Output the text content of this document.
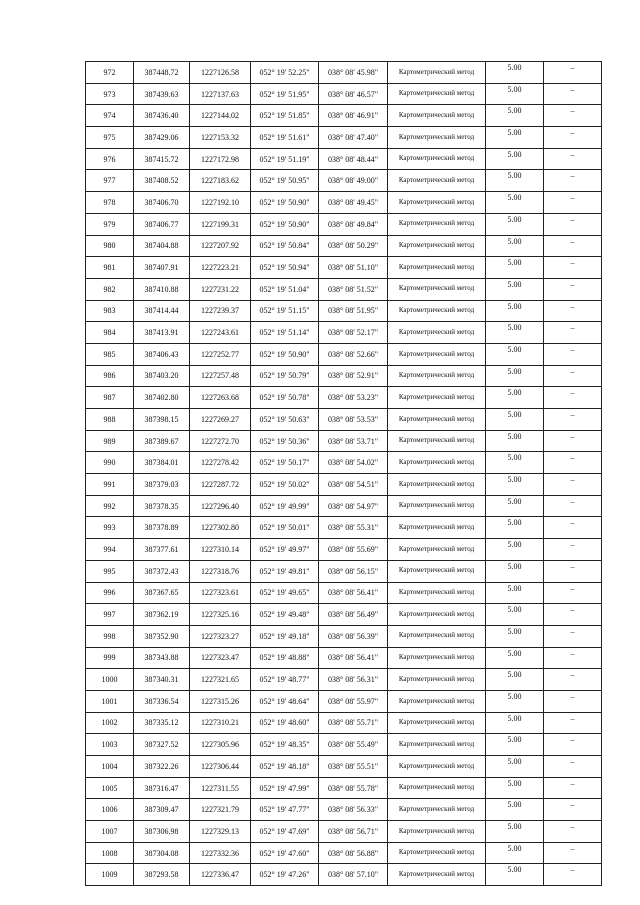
972	387448.72	1227126.58	052° 19' 52.25"	038° 08' 45.98"	Картометрический метод	5.00	–
973	387439.63	1227137.63	052° 19' 51.95"	038° 08' 46.57"	Картометрический метод	5.00	–
974	387436.40	1227144.02	052° 19' 51.85"	038° 08' 46.91"	Картометрический метод	5.00	–
975	387429.06	1227153.32	052° 19' 51.61"	038° 08' 47.40"	Картометрический метод	5.00	–
976	387415.72	1227172.98	052° 19' 51.19"	038° 08' 48.44"	Картометрический метод	5.00	–
977	387408.52	1227183.62	052° 19' 50.95"	038° 08' 49.00"	Картометрический метод	5.00	–
978	387406.70	1227192.10	052° 19' 50.90"	038° 08' 49.45"	Картометрический метод	5.00	–
979	387406.77	1227199.31	052° 19' 50.90"	038° 08' 49.84"	Картометрический метод	5.00	–
980	387404.88	1227207.92	052° 19' 50.84"	038° 08' 50.29"	Картометрический метод	5.00	–
981	387407.91	1227223.21	052° 19' 50.94"	038° 08' 51.10"	Картометрический метод	5.00	–
982	387410.88	1227231.22	052° 19' 51.04"	038° 08' 51.52"	Картометрический метод	5.00	–
983	387414.44	1227239.37	052° 19' 51.15"	038° 08' 51.95"	Картометрический метод	5.00	–
984	387413.91	1227243.61	052° 19' 51.14"	038° 08' 52.17"	Картометрический метод	5.00	–
985	387406.43	1227252.77	052° 19' 50.90"	038° 08' 52.66"	Картометрический метод	5.00	–
986	387403.20	1227257.48	052° 19' 50.79"	038° 08' 52.91"	Картометрический метод	5.00	–
987	387402.80	1227263.68	052° 19' 50.78"	038° 08' 53.23"	Картометрический метод	5.00	–
988	387398.15	1227269.27	052° 19' 50.63"	038° 08' 53.53"	Картометрический метод	5.00	–
989	387389.67	1227272.70	052° 19' 50.36"	038° 08' 53.71"	Картометрический метод	5.00	–
990	387384.01	1227278.42	052° 19' 50.17"	038° 08' 54.02"	Картометрический метод	5.00	–
991	387379.03	1227287.72	052° 19' 50.02"	038° 08' 54.51"	Картометрический метод	5.00	–
992	387378.35	1227296.40	052° 19' 49.99"	038° 08' 54.97"	Картометрический метод	5.00	–
993	387378.89	1227302.80	052° 19' 50.01"	038° 08' 55.31"	Картометрический метод	5.00	–
994	387377.61	1227310.14	052° 19' 49.97"	038° 08' 55.69"	Картометрический метод	5.00	–
995	387372.43	1227318.76	052° 19' 49.81"	038° 08' 56.15"	Картометрический метод	5.00	–
996	387367.65	1227323.61	052° 19' 49.65"	038° 08' 56.41"	Картометрический метод	5.00	–
997	387362.19	1227325.16	052° 19' 49.48"	038° 08' 56.49"	Картометрический метод	5.00	–
998	387352.90	1227323.27	052° 19' 49.18"	038° 08' 56.39"	Картометрический метод	5.00	–
999	387343.88	1227323.47	052° 19' 48.88"	038° 08' 56.41"	Картометрический метод	5.00	–
1000	387340.31	1227321.65	052° 19' 48.77"	038° 08' 56.31"	Картометрический метод	5.00	–
1001	387336.54	1227315.26	052° 19' 48.64"	038° 08' 55.97"	Картометрический метод	5.00	–
1002	387335.12	1227310.21	052° 19' 48.60"	038° 08' 55.71"	Картометрический метод	5.00	–
1003	387327.52	1227305.96	052° 19' 48.35"	038° 08' 55.49"	Картометрический метод	5.00	–
1004	387322.26	1227306.44	052° 19' 48.18"	038° 08' 55.51"	Картометрический метод	5.00	–
1005	387316.47	1227311.55	052° 19' 47.99"	038° 08' 55.78"	Картометрический метод	5.00	–
1006	387309.47	1227321.79	052° 19' 47.77"	038° 08' 56.33"	Картометрический метод	5.00	–
1007	387306.98	1227329.13	052° 19' 47.69"	038° 08' 56.71"	Картометрический метод	5.00	–
1008	387304.08	1227332.36	052° 19' 47.60"	038° 08' 56.88"	Картометрический метод	5.00	–
1009	387293.58	1227336.47	052° 19' 47.26"	038° 08' 57.10"	Картометрический метод	5.00	–
